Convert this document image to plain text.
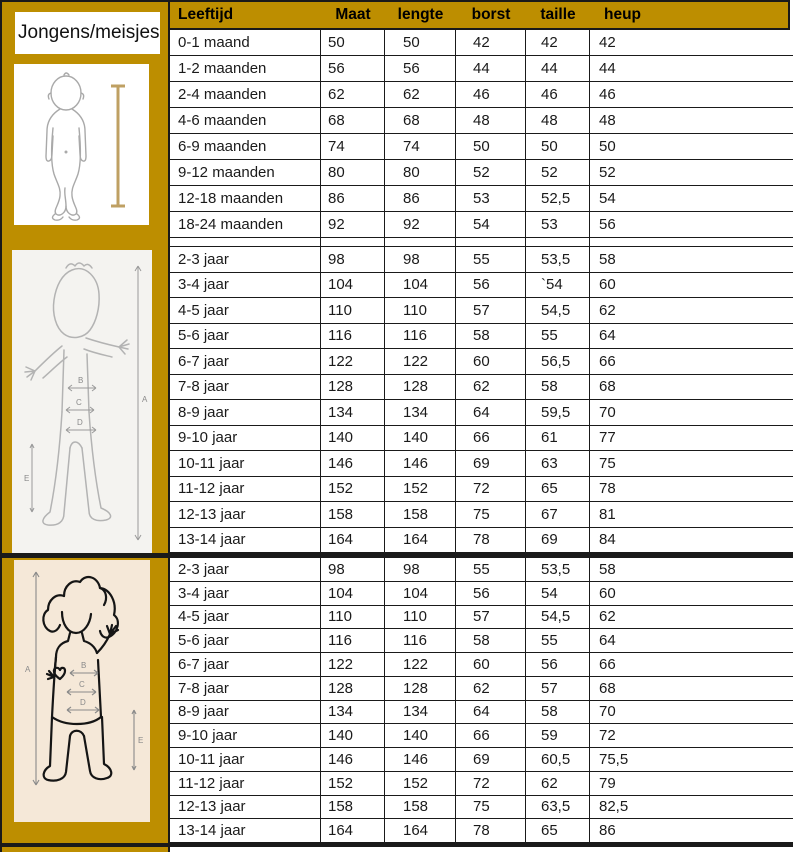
Jongens/meisjes
A
B
C
D
E
A	B
C
D
E
Leeftijd	Maat	lengte	borst	taille	heup
0-1 maand	50	50	42	42	42
1-2 maanden	56	56	44	44	44
2-4 maanden	62	62	46	46	46
4-6 maanden	68	68	48	48	48
6-9 maanden	74	74	50	50	50
9-12 maanden	80	80	52	52	52
12-18 maanden	86	86	53	52,5	54
18-24 maanden	92	92	54	53	56
2-3 jaar	98	98	55	53,5	58
3-4 jaar	104	104	56	`54	60
4-5 jaar	110	110	57	54,5	62
5-6 jaar	116	116	58	55	64
6-7 jaar	122	122	60	56,5	66
7-8 jaar	128	128	62	58	68
8-9 jaar	134	134	64	59,5	70
9-10 jaar	140	140	66	61	77
10-11 jaar	146	146	69	63	75
11-12 jaar	152	152	72	65	78
12-13 jaar	158	158	75	67	81
13-14 jaar	164	164	78	69	84
2-3 jaar	98	98	55	53,5	58
3-4 jaar	104	104	56	54	60
4-5 jaar	110	110	57	54,5	62
5-6 jaar	116	116	58	55	64
6-7 jaar	122	122	60	56	66
7-8 jaar	128	128	62	57	68
8-9 jaar	134	134	64	58	70
9-10 jaar	140	140	66	59	72
10-11 jaar	146	146	69	60,5	75,5
11-12 jaar	152	152	72	62	79
12-13 jaar	158	158	75	63,5	82,5
13-14 jaar	164	164	78	65	86
